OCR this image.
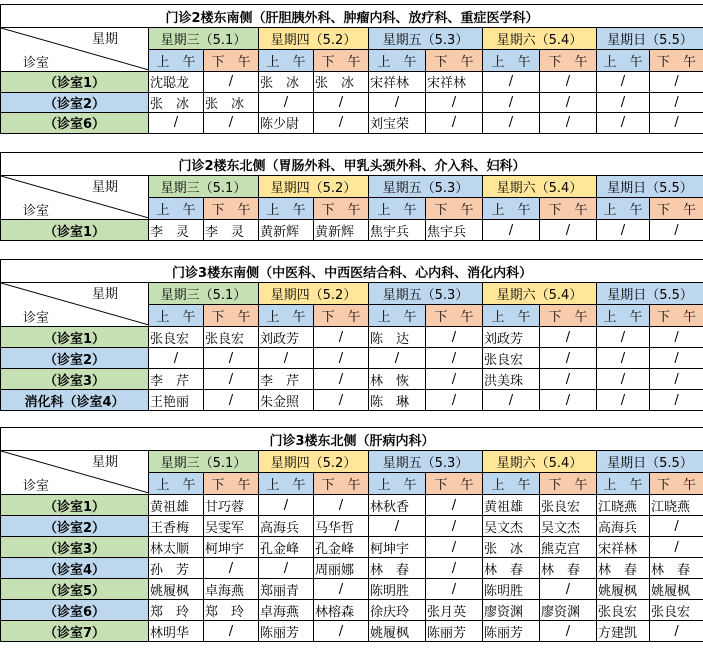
门诊2楼东南侧（肝胆胰外科、肿瘤内科、放疗科、重症医学科）										

星期
诊室	星期三（5.1）		星期四（5.2）		星期五（5.3）		星期六（5.4）		星期日（5.5）	
	上　午	下　午	上　午	下　午	上　午	下　午	上　午	下　午	上　午	下　午
（诊室1）	沈聪龙	/	张　冰	张　冰	宋祥林	宋祥林	/	/	/	/
（诊室2）	张　冰	张　冰	/	/	/	/	/	/	/	/
（诊室6）	/	/	陈少尉	/	刘宝荣	/	/	/	/	/
门诊2楼东北侧（胃肠外科、甲乳头颈外科、介入科、妇科）										

星期
诊室	星期三（5.1）		星期四（5.2）		星期五（5.3）		星期六（5.4）		星期日（5.5）	
	上　午	下　午	上　午	下　午	上　午	下　午	上　午	下　午	上　午	下　午
（诊室1）	李　灵	李　灵	黄新辉	黄新辉	焦宇兵	焦宇兵	/	/	/	/
门诊3楼东南侧（中医科、中西医结合科、心内科、消化内科）										

星期
诊室	星期三（5.1）		星期四（5.2）		星期五（5.3）		星期六（5.4）		星期日（5.5）	
	上　午	下　午	上　午	下　午	上　午	下　午	上　午	下　午	上　午	下　午
（诊室1）	张良宏	张良宏	刘政芳	/	陈　达	/	刘政芳	/	/	/
（诊室2）	/	/	/	/	/	/	张良宏	/	/	/
（诊室3）	李　芹	/	李　芹	/	林　恢	/	洪美珠	/	/	/
消化科（诊室4）	王艳丽	/	朱金照	/	陈　琳	/	/	/	/	/
门诊3楼东北侧（肝病内科）										

星期
诊室	星期三（5.1）		星期四（5.2）		星期五（5.3）		星期六（5.4）		星期日（5.5）	
	上　午	下　午	上　午	下　午	上　午	下　午	上　午	下　午	上　午	下　午
（诊室1）	黄祖雄	甘巧蓉	/	/	林秋香	/	黄祖雄	张良宏	江晓燕	江晓燕
（诊室2）	王香梅	吴雯军	高海兵	马华哲	/	/	吴文杰	吴文杰	高海兵	/
（诊室3）	林太顺	柯坤宇	孔金峰	孔金峰	柯坤宇	/	张　冰	熊克宫	宋祥林	/
（诊室4）	孙　芳	/	/	周丽娜	林　春	/	林　春	林　春	林　春	林　春
（诊室5）	姚履枫	卓海燕	郑丽青	/	陈明胜	/	陈明胜	/	姚履枫	姚履枫
（诊室6）	郑　玲	郑　玲	卓海燕	林榕森	徐庆玲	张月英	廖资渊	廖资渊	张良宏	张良宏
（诊室7）	林明华	/	陈丽芳	/	姚履枫	陈丽芳	陈丽芳	/	方建凯	/
